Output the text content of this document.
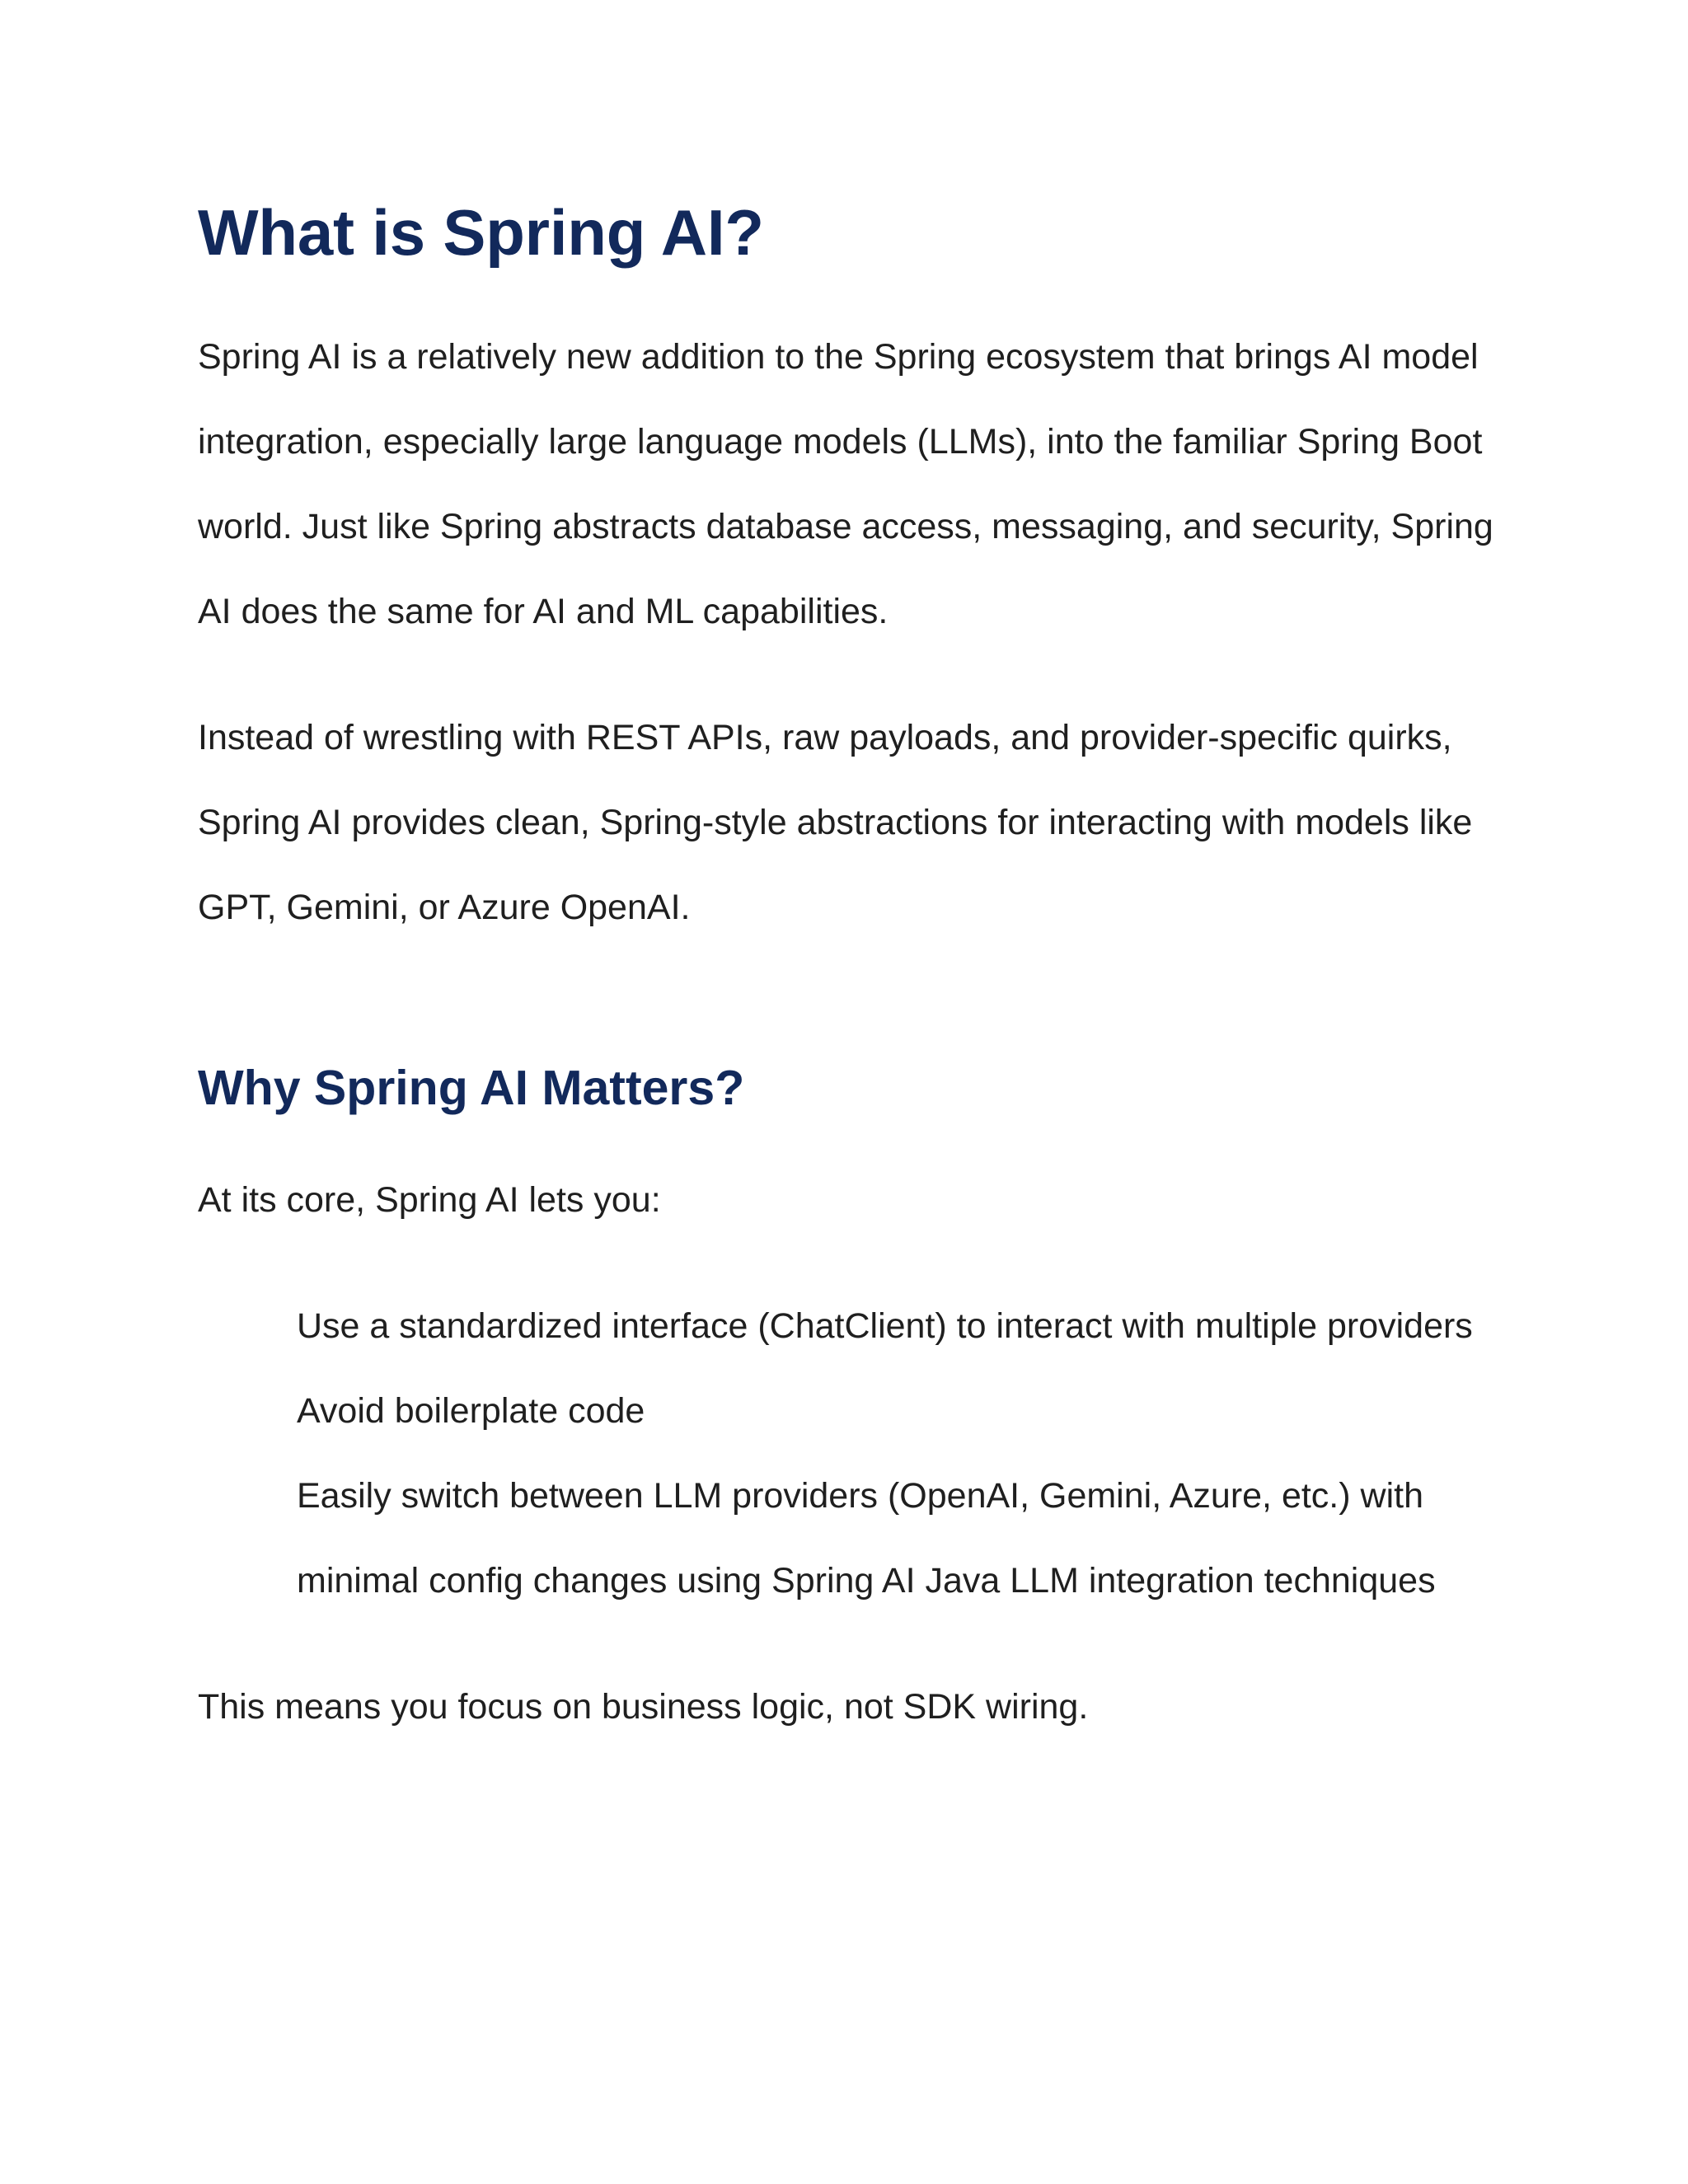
What is Spring AI?

Spring AI is a relatively new addition to the Spring ecosystem that brings AI model integration, especially large language models (LLMs), into the familiar Spring Boot world. Just like Spring abstracts database access, messaging, and security, Spring AI does the same for AI and ML capabilities.

Instead of wrestling with REST APIs, raw payloads, and provider-specific quirks, Spring AI provides clean, Spring-style abstractions for interacting with models like GPT, Gemini, or Azure OpenAI.

Why Spring AI Matters?

At its core, Spring AI lets you:

Use a standardized interface (ChatClient) to interact with multiple providers
Avoid boilerplate code
Easily switch between LLM providers (OpenAI, Gemini, Azure, etc.) with minimal config changes using Spring AI Java LLM integration techniques

This means you focus on business logic, not SDK wiring.
